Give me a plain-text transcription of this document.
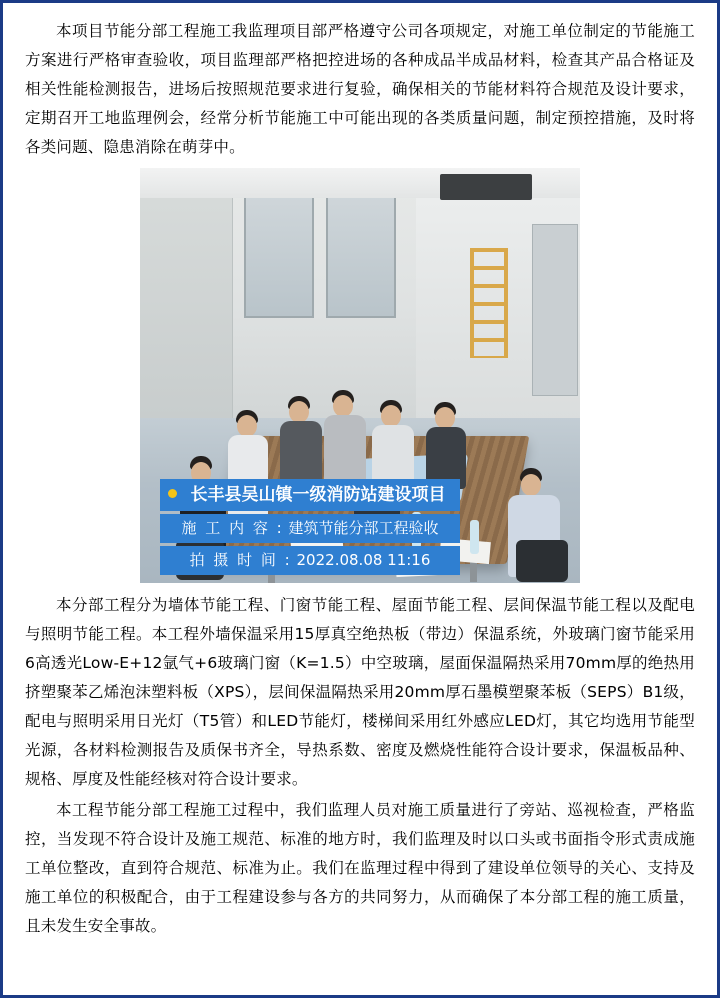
本项目节能分部工程施工我监理项目部严格遵守公司各项规定，对施工单位制定的节能施工方案进行严格审查验收，项目监理部严格把控进场的各种成品半成品材料，检查其产品合格证及相关性能检测报告，进场后按照规范要求进行复验，确保相关的节能材料符合规范及设计要求，定期召开工地监理例会，经常分析节能施工中可能出现的各类质量问题，制定预控措施，及时将各类问题、隐患消除在萌芽中。

长丰县吴山镇一级消防站建设项目
施 工 内 容 : 建筑节能分部工程验收
拍 摄 时 间 : 2022.08.08 11:16

本分部工程分为墙体节能工程、门窗节能工程、屋面节能工程、层间保温节能工程以及配电与照明节能工程。本工程外墙保温采用15厚真空绝热板（带边）保温系统，外玻璃门窗节能采用6高透光Low-E+12氩气+6玻璃门窗（K=1.5）中空玻璃，屋面保温隔热采用70mm厚的绝热用挤塑聚苯乙烯泡沫塑料板（XPS），层间保温隔热采用20mm厚石墨模塑聚苯板（SEPS）B1级，配电与照明采用日光灯（T5管）和LED节能灯，楼梯间采用红外感应LED灯，其它均选用节能型光源，各材料检测报告及质保书齐全，导热系数、密度及燃烧性能符合设计要求，保温板品种、规格、厚度及性能经核对符合设计要求。

本工程节能分部工程施工过程中，我们监理人员对施工质量进行了旁站、巡视检查，严格监控，当发现不符合设计及施工规范、标准的地方时，我们监理及时以口头或书面指令形式责成施工单位整改，直到符合规范、标准为止。我们在监理过程中得到了建设单位领导的关心、支持及施工单位的积极配合，由于工程建设参与各方的共同努力，从而确保了本分部工程的施工质量，且未发生安全事故。
